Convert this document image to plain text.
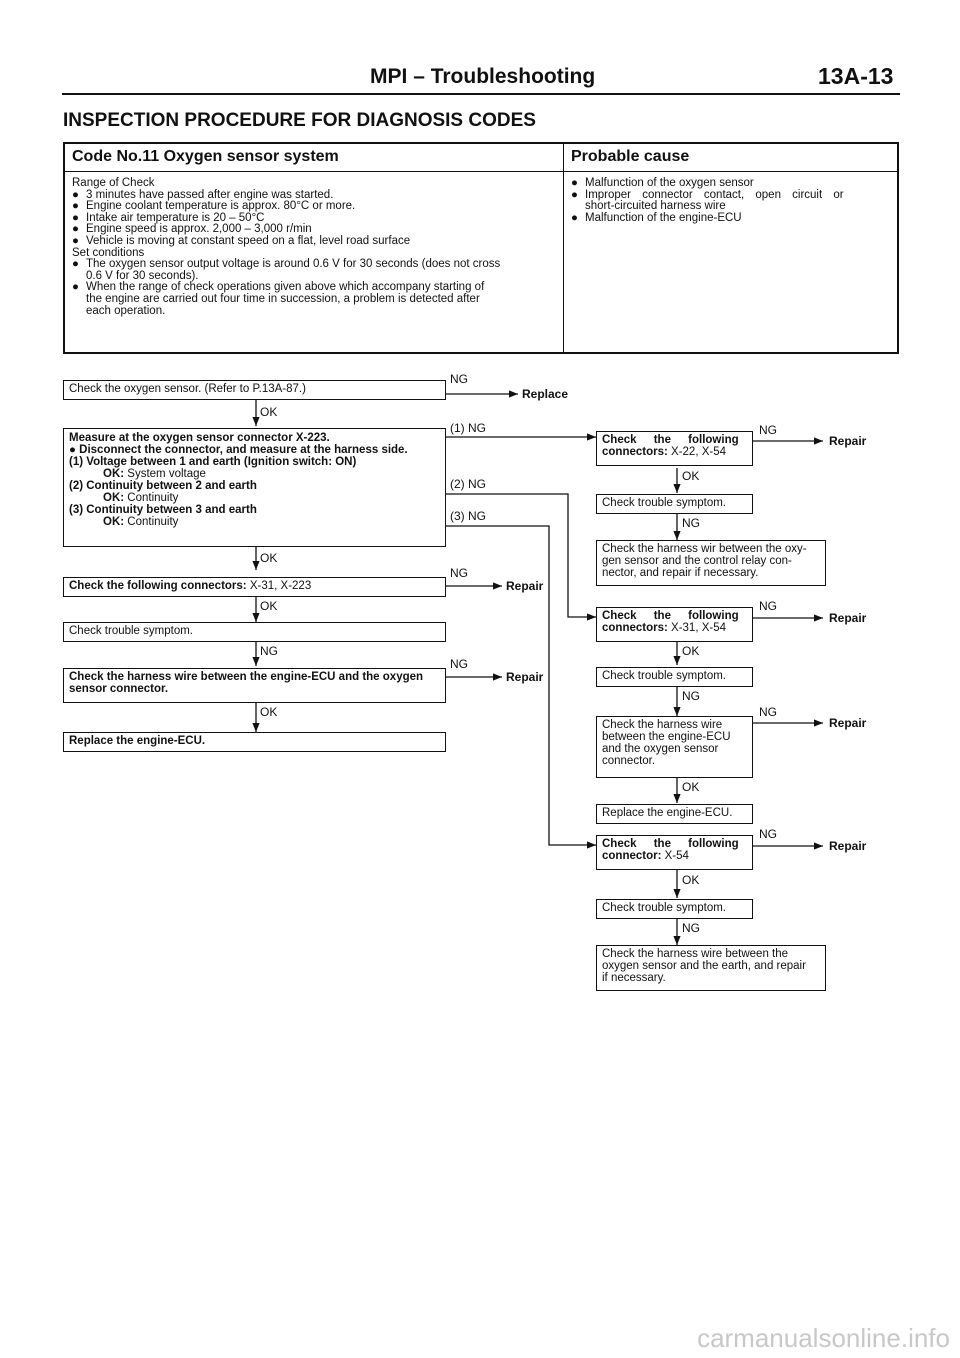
MPI – Troubleshooting	13A-13
INSPECTION PROCEDURE FOR DIAGNOSIS CODES
Code No.11 Oxygen sensor system	Probable cause
Range of Check
● 3 minutes have passed after engine was started.
● Engine coolant temperature is approx. 80°C or more.
● Intake air temperature is 20 – 50°C
● Engine speed is approx. 2,000 – 3,000 r/min
● Vehicle is moving at constant speed on a flat, level road surface
Set conditions
● The oxygen sensor output voltage is around 0.6 V for 30 seconds (does not cross
0.6 V for 30 seconds).
● When the range of check operations given above which accompany starting of
the engine are carried out four time in succession, a problem is detected after
each operation.
● Malfunction of the oxygen sensor
● Improper connector contact, open circuit or
short-circuited harness wire
● Malfunction of the engine-ECU
Check the oxygen sensor. (Refer to P.13A-87.)
NG
Replace
OK
Measure at the oxygen sensor connector X-223.
● Disconnect the connector, and measure at the harness side.
(1) Voltage between 1 and earth (Ignition switch: ON)
OK: System voltage
(2) Continuity between 2 and earth
OK: Continuity
(3) Continuity between 3 and earth
OK: Continuity
(1) NG
(2) NG
(3) NG
OK
Check the following connectors: X-31, X-223
NG
Repair
OK
Check trouble symptom.
NG
Check the harness wire between the engine-ECU and the oxygen
sensor connector.
NG
Repair
OK
Replace the engine-ECU.
Check the following
connectors: X-22, X-54
NG
Repair
OK
Check trouble symptom.
NG
Check the harness wir between the oxy-
gen sensor and the control relay con-
nector, and repair if necessary.
Check the following
connectors: X-31, X-54
NG
Repair
OK
Check trouble symptom.
NG
Check the harness wire
between the engine-ECU
and the oxygen sensor
connector.
NG
Repair
OK
Replace the engine-ECU.
Check the following
connector: X-54
NG
Repair
OK
Check trouble symptom.
NG
Check the harness wire between the
oxygen sensor and the earth, and repair
if necessary.
carmanualsonline.info
